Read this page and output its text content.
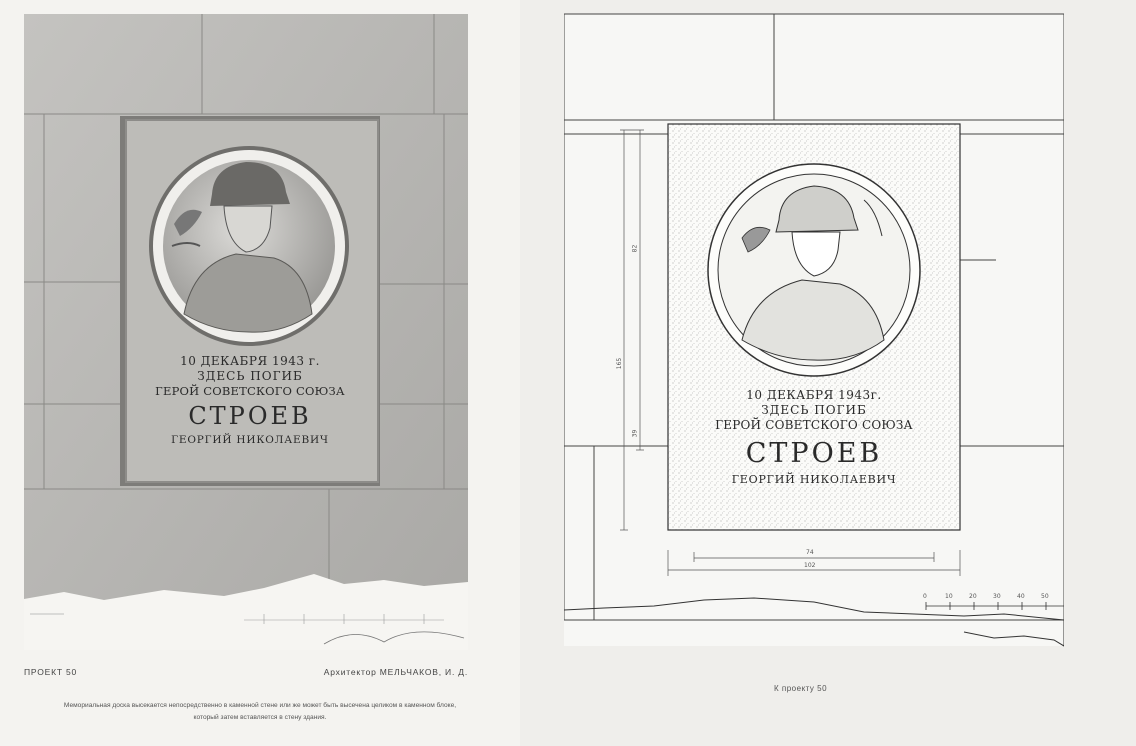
10 ДЕКАБРЯ 1943 г.
ЗДЕСЬ ПОГИБ
ГЕРОЙ СОВЕТСКОГО СОЮЗА
СТРОЕВ
ГЕОРГИЙ НИКОЛАЕВИЧ
ПРОЕКТ 50	Архитектор МЕЛЬЧАКОВ, И. Д.
Мемориальная доска высекается непосредственно в каменной стене или же может быть высечена целиком в каменном блоке, который затем вставляется в стену здания.
10 ДЕКАБРЯ 1943г.
ЗДЕСЬ ПОГИБ
ГЕРОЙ СОВЕТСКОГО СОЮЗА
СТРОЕВ
ГЕОРГИЙ НИКОЛАЕВИЧ
74
102
165
82
39
0	10	20	30	40	50
К проекту 50
